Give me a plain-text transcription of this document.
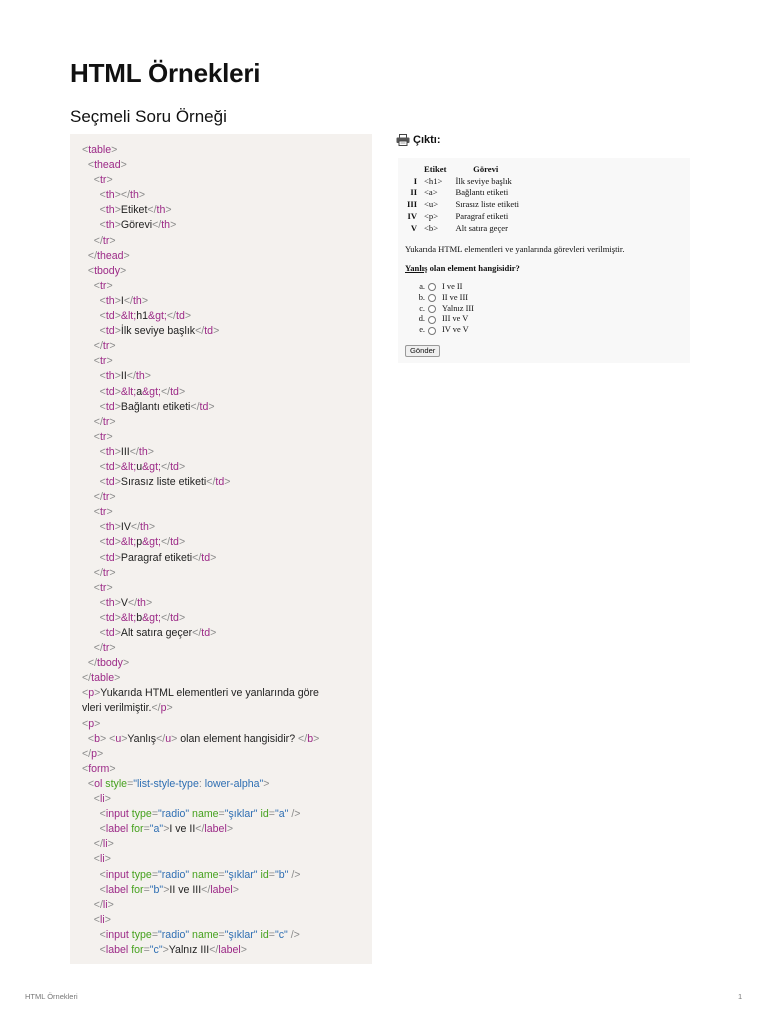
HTML Örnekleri
Seçmeli Soru Örneği
<table>
<thead>
<tr>
<th></th>
<th>Etiket</th>
<th>Görevi</th>
</tr>
</thead>
<tbody>
<tr>
<th>I</th>
<td>&lt;h1&gt;</td>
<td>İlk seviye başlık</td>
</tr>
<tr>
<th>II</th>
<td>&lt;a&gt;</td>
<td>Bağlantı etiketi</td>
</tr>
<tr>
<th>III</th>
<td>&lt;u&gt;</td>
<td>Sırasız liste etiketi</td>
</tr>
<tr>
<th>IV</th>
<td>&lt;p&gt;</td>
<td>Paragraf etiketi</td>
</tr>
<tr>
<th>V</th>
<td>&lt;b&gt;</td>
<td>Alt satıra geçer</td>
</tr>
</tbody>
</table>
<p>Yukarıda HTML elementleri ve yanlarında göre
vleri verilmiştir.</p>
<p>
<b> <u>Yanlış</u> olan element hangisidir? </b>
</p>
<form>
<ol style="list-style-type: lower-alpha">
<li>
<input type="radio" name="şıklar" id="a" />
<label for="a">I ve II</label>
</li>
<li>
<input type="radio" name="şıklar" id="b" />
<label for="b">II ve III</label>
</li>
<li>
<input type="radio" name="şıklar" id="c" />
<label for="c">Yalnız III</label>
Çıktı:
	Etiket	Görevi
I	<h1>	İlk seviye başlık
II	<a>	Bağlantı etiketi
III	<u>	Sırasız liste etiketi
IV	<p>	Paragraf etiketi
V	<b>	Alt satıra geçer

Yukarıda HTML elementleri ve yanlarında görevleri verilmiştir.

Yanlış olan element hangisidir?

a. I ve II
b. II ve III
c. Yalnız III
d. III ve V
e. IV ve V
Gönder
HTML Örnekleri	1
